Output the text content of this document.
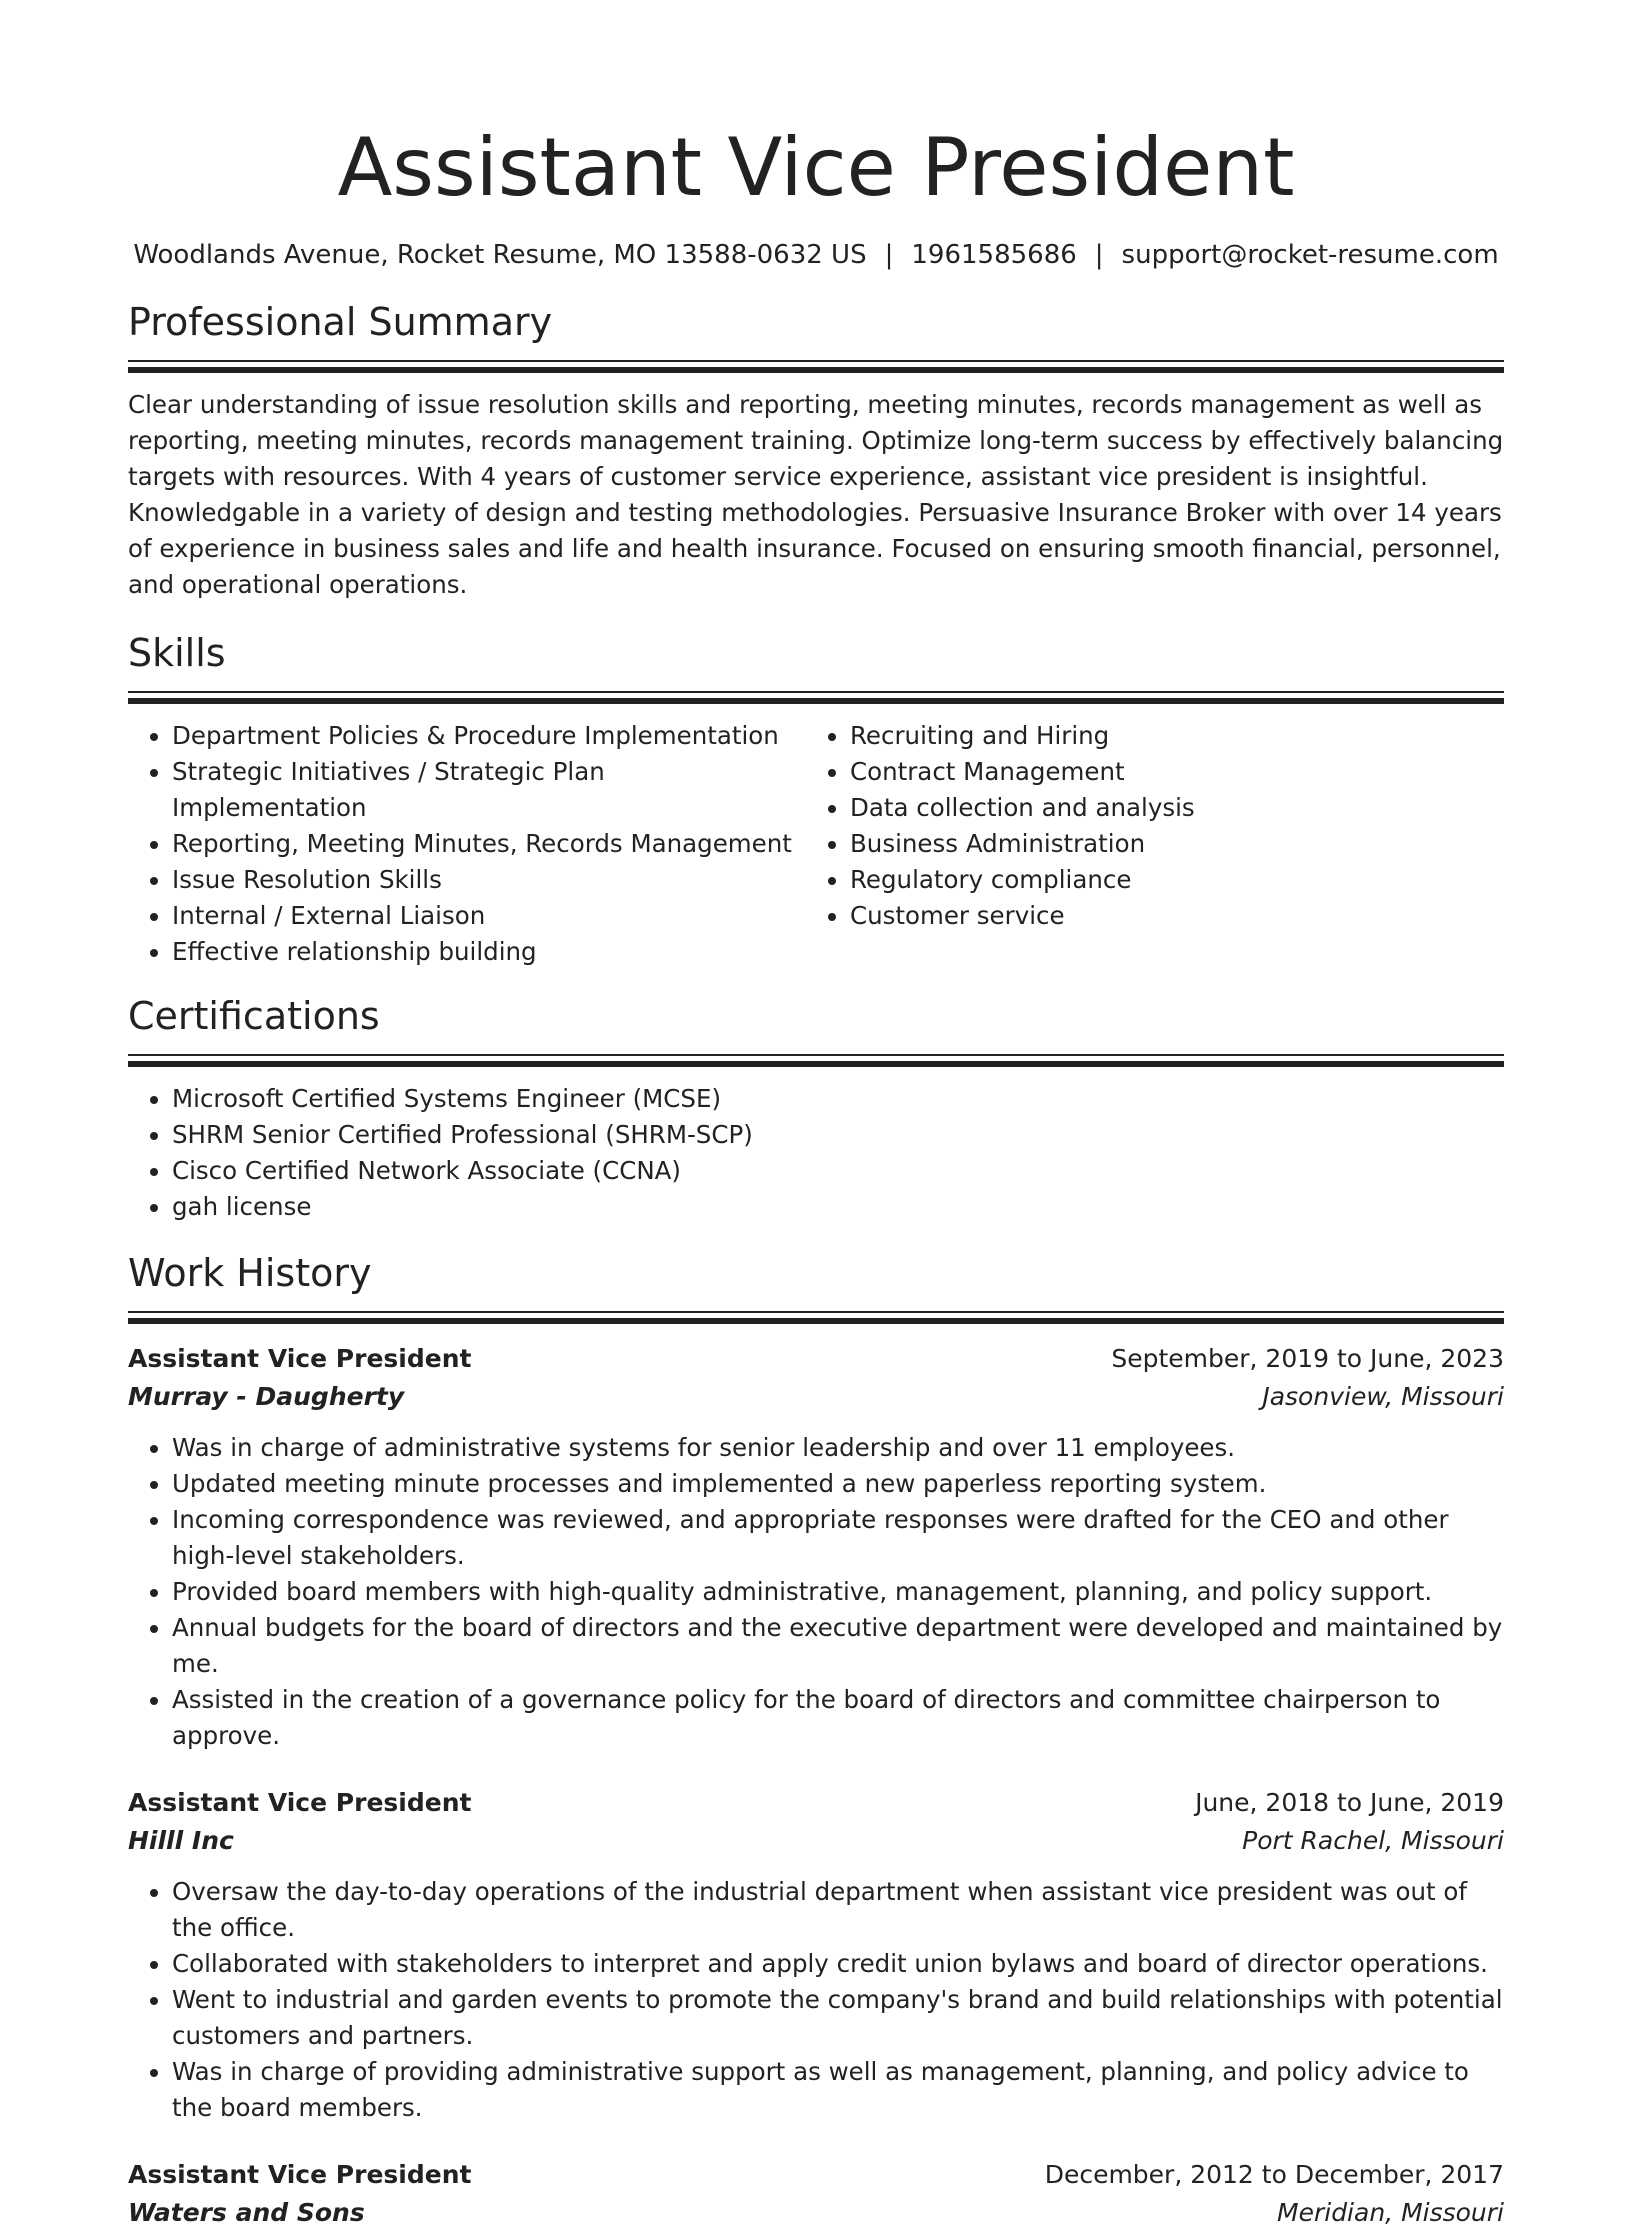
Assistant Vice President
Woodlands Avenue, Rocket Resume, MO 13588-0632 US | 1961585686 | support@rocket-resume.com
Professional Summary

Clear understanding of issue resolution skills and reporting, meeting minutes, records management as well as reporting, meeting minutes, records management training. Optimize long-term success by effectively balancing targets with resources. With 4 years of customer service experience, assistant vice president is insightful. Knowledgable in a variety of design and testing methodologies. Persuasive Insurance Broker with over 14 years of experience in business sales and life and health insurance. Focused on ensuring smooth financial, personnel, and operational operations.

Skills
• Department Policies & Procedure Implementation
• Strategic Initiatives / Strategic Plan Implementation
• Reporting, Meeting Minutes, Records Management
• Issue Resolution Skills
• Internal / External Liaison
• Effective relationship building
• Recruiting and Hiring
• Contract Management
• Data collection and analysis
• Business Administration
• Regulatory compliance
• Customer service
Certifications
• Microsoft Certified Systems Engineer (MCSE)
• SHRM Senior Certified Professional (SHRM-SCP)
• Cisco Certified Network Associate (CCNA)
• gah license
Work History
Assistant Vice President	September, 2019 to June, 2023
Murray - Daugherty	Jasonview, Missouri
• Was in charge of administrative systems for senior leadership and over 11 employees.
• Updated meeting minute processes and implemented a new paperless reporting system.
• Incoming correspondence was reviewed, and appropriate responses were drafted for the CEO and other high-level stakeholders.
• Provided board members with high-quality administrative, management, planning, and policy support.
• Annual budgets for the board of directors and the executive department were developed and maintained by me.
• Assisted in the creation of a governance policy for the board of directors and committee chairperson to approve.
Assistant Vice President	June, 2018 to June, 2019
Hilll Inc	Port Rachel, Missouri
• Oversaw the day-to-day operations of the industrial department when assistant vice president was out of the office.
• Collaborated with stakeholders to interpret and apply credit union bylaws and board of director operations.
• Went to industrial and garden events to promote the company's brand and build relationships with potential customers and partners.
• Was in charge of providing administrative support as well as management, planning, and policy advice to the board members.
Assistant Vice President	December, 2012 to December, 2017
Waters and Sons	Meridian, Missouri
